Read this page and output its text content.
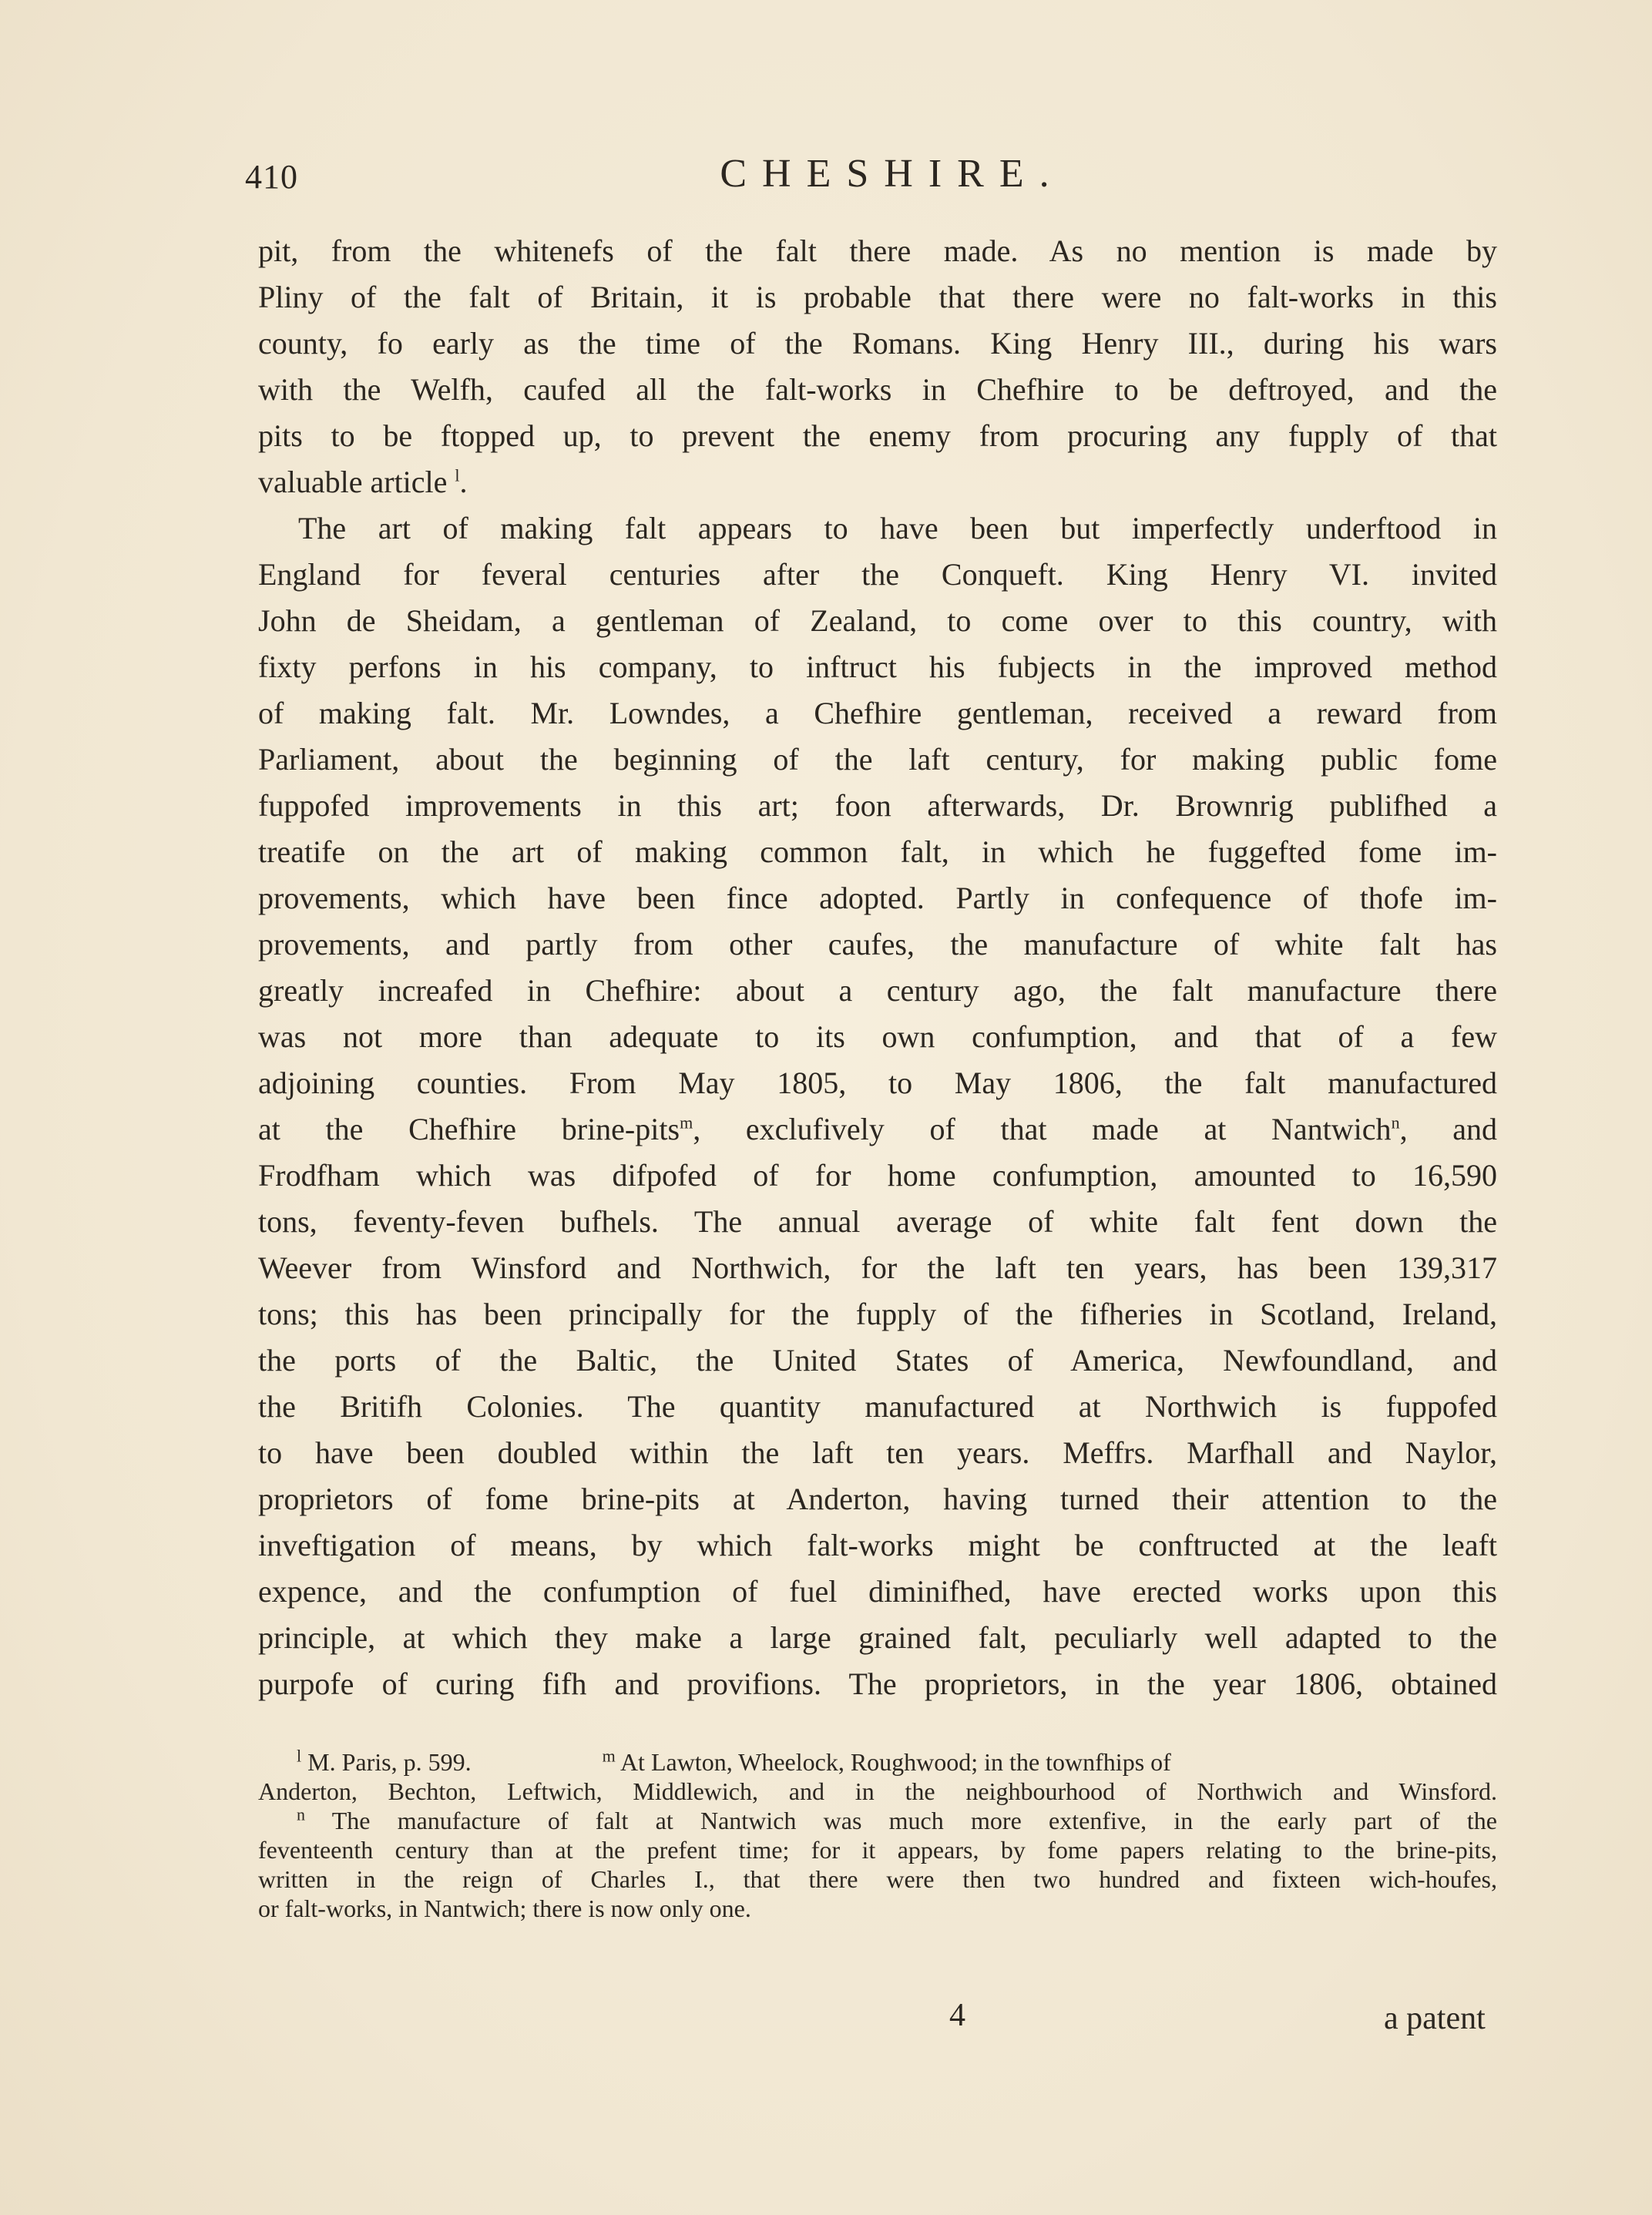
410	CHESHIRE.

pit, from the whitenefs of the falt there made. As no mention is made by
Pliny of the falt of Britain, it is probable that there were no falt-works in this
county, fo early as the time of the Romans. King Henry III., during his wars
with the Welfh, caufed all the falt-works in Chefhire to be deftroyed, and the
pits to be ftopped up, to prevent the enemy from procuring any fupply of that
valuable article $^l$.

The art of making falt appears to have been but imperfectly underftood in
England for feveral centuries after the Conqueft. King Henry VI. invited
John de Sheidam, a gentleman of Zealand, to come over to this country, with
fixty perfons in his company, to inftruct his fubjects in the improved method
of making falt. Mr. Lowndes, a Chefhire gentleman, received a reward from
Parliament, about the beginning of the laft century, for making public fome
fuppofed improvements in this art; foon afterwards, Dr. Brownrig publifhed a
treatife on the art of making common falt, in which he fuggefted fome im-
provements, which have been fince adopted. Partly in confequence of thofe im-
provements, and partly from other caufes, the manufacture of white falt has
greatly increafed in Chefhire: about a century ago, the falt manufacture there
was not more than adequate to its own confumption, and that of a few
adjoining counties. From May 1805, to May 1806, the falt manufactured
at the Chefhire brine-pits$^m$, exclufively of that made at Nantwich$^n$, and
Frodfham which was difpofed of for home confumption, amounted to 16,590
tons, feventy-feven bufhels. The annual average of white falt fent down the
Weever from Winsford and Northwich, for the laft ten years, has been 139,317
tons; this has been principally for the fupply of the fifheries in Scotland, Ireland,
the ports of the Baltic, the United States of America, Newfoundland, and
the Britifh Colonies. The quantity manufactured at Northwich is fuppofed
to have been doubled within the laft ten years. Meffrs. Marfhall and Naylor,
proprietors of fome brine-pits at Anderton, having turned their attention to the
inveftigation of means, by which falt-works might be conftructed at the leaft
expence, and the confumption of fuel diminifhed, have erected works upon this
principle, at which they make a large grained falt, peculiarly well adapted to the
purpofe of curing fifh and provifions. The proprietors, in the year 1806, obtained

$^l$ M. Paris, p. 599.	$^m$ At Lawton, Wheelock, Roughwood; in the townfhips of
Anderton, Bechton, Leftwich, Middlewich, and in the neighbourhood of Northwich and Winsford.
$^n$ The manufacture of falt at Nantwich was much more extenfive, in the early part of the
feventeenth century than at the prefent time; for it appears, by fome papers relating to the brine-pits,
written in the reign of Charles I., that there were then two hundred and fixteen wich-houfes,
or falt-works, in Nantwich; there is now only one.
4	a patent
